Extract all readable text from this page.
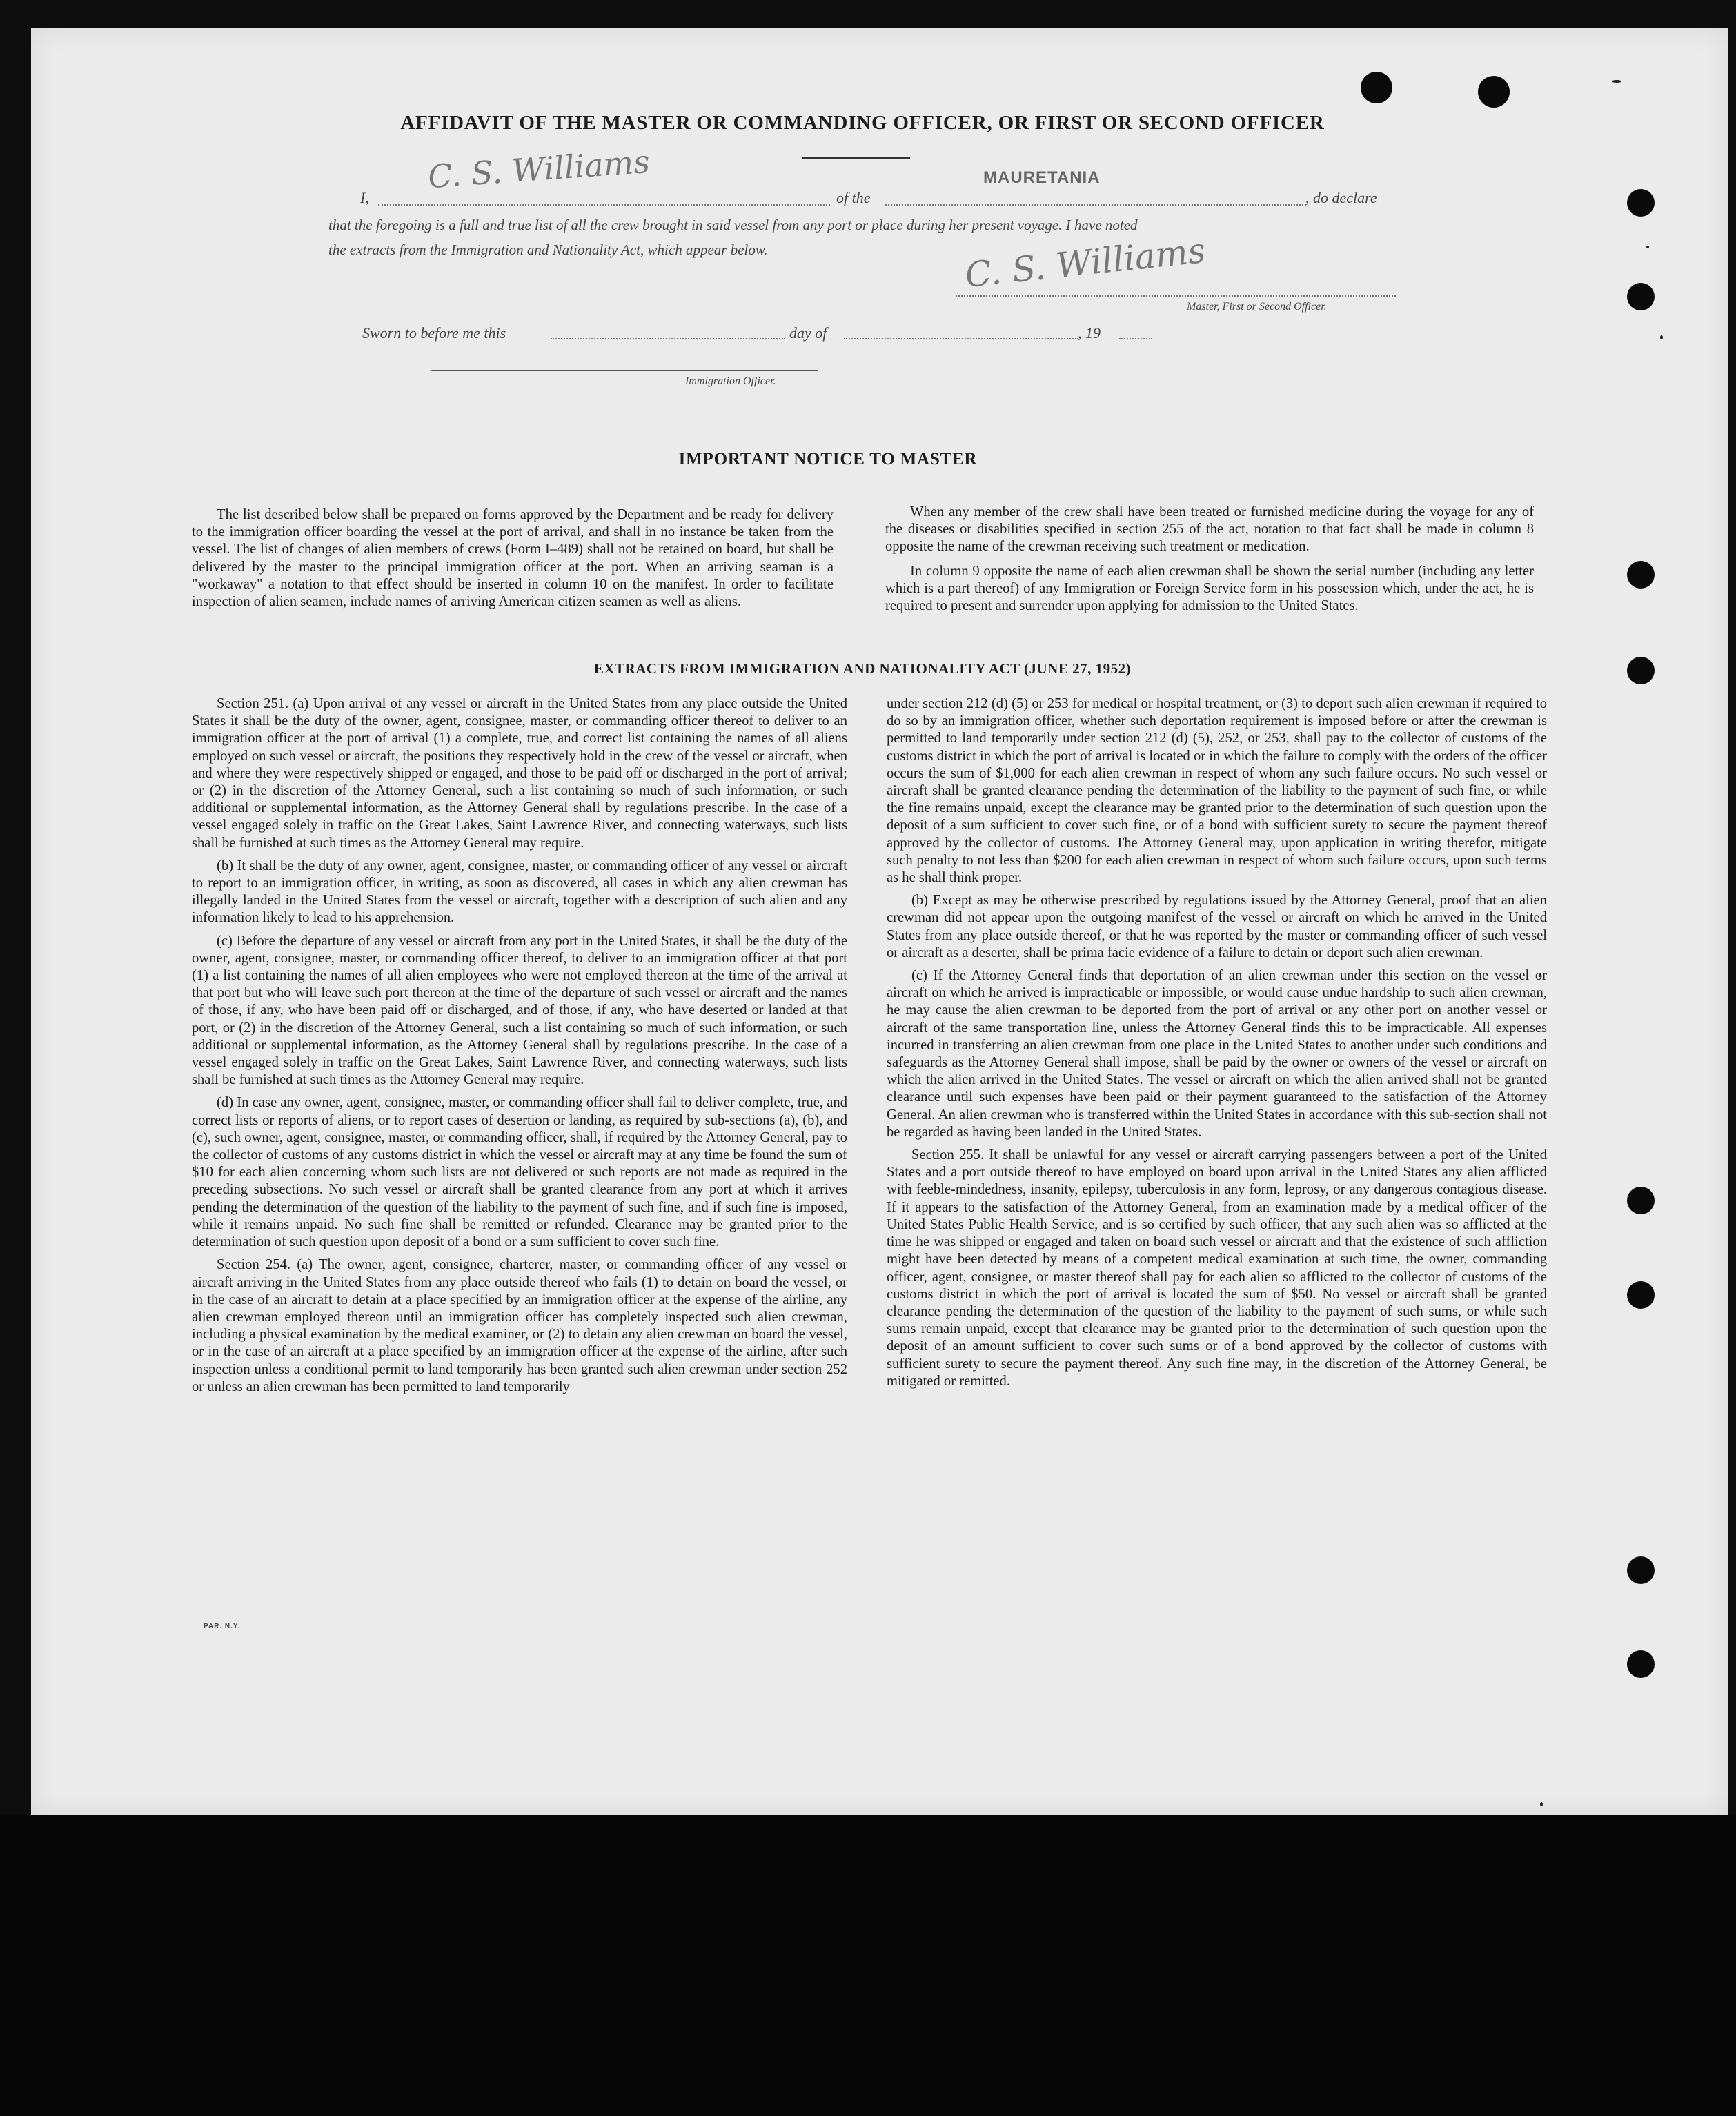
AFFIDAVIT OF THE MASTER OR COMMANDING OFFICER, OR FIRST OR SECOND OFFICER
I,
C. S. Williams
of the
MAURETANIA
, do declare
that the foregoing is a full and true list of all the crew brought in said vessel from any port or place during her present voyage. I have noted
the extracts from the Immigration and Nationality Act, which appear below.	C. S. Williams
Master, First or Second Officer.
Sworn to before me this	day of	, 19
Immigration Officer.
IMPORTANT NOTICE TO MASTER

The list described below shall be prepared on forms approved by the Department and be ready for delivery to the immigration officer boarding the vessel at the port of arrival, and shall in no instance be taken from the vessel. The list of changes of alien members of crews (Form I–489) shall not be retained on board, but shall be delivered by the master to the principal immigration officer at the port. When an arriving seaman is a "workaway" a notation to that effect should be inserted in column 10 on the manifest. In order to facilitate inspection of alien seamen, include names of arriving American citizen seamen as well as aliens.

When any member of the crew shall have been treated or furnished medicine during the voyage for any of the diseases or disabilities specified in section 255 of the act, notation to that fact shall be made in column 8 opposite the name of the crewman receiving such treatment or medication.

In column 9 opposite the name of each alien crewman shall be shown the serial number (including any letter which is a part thereof) of any Immigration or Foreign Service form in his possession which, under the act, he is required to present and surrender upon applying for admission to the United States.

EXTRACTS FROM IMMIGRATION AND NATIONALITY ACT (JUNE 27, 1952)

Section 251. (a) Upon arrival of any vessel or aircraft in the United States from any place outside the United States it shall be the duty of the owner, agent, consignee, master, or commanding officer thereof to deliver to an immigration officer at the port of arrival (1) a complete, true, and correct list containing the names of all aliens employed on such vessel or aircraft, the positions they respectively hold in the crew of the vessel or aircraft, when and where they were respectively shipped or engaged, and those to be paid off or discharged in the port of arrival; or (2) in the discretion of the Attorney General, such a list containing so much of such information, or such additional or supplemental information, as the Attorney General shall by regulations prescribe. In the case of a vessel engaged solely in traffic on the Great Lakes, Saint Lawrence River, and connecting waterways, such lists shall be furnished at such times as the Attorney General may require.

(b) It shall be the duty of any owner, agent, consignee, master, or commanding officer of any vessel or aircraft to report to an immigration officer, in writing, as soon as discovered, all cases in which any alien crewman has illegally landed in the United States from the vessel or aircraft, together with a description of such alien and any information likely to lead to his apprehension.

(c) Before the departure of any vessel or aircraft from any port in the United States, it shall be the duty of the owner, agent, consignee, master, or commanding officer thereof, to deliver to an immigration officer at that port (1) a list containing the names of all alien employees who were not employed thereon at the time of the arrival at that port but who will leave such port thereon at the time of the departure of such vessel or aircraft and the names of those, if any, who have been paid off or discharged, and of those, if any, who have deserted or landed at that port, or (2) in the discretion of the Attorney General, such a list containing so much of such information, or such additional or supplemental information, as the Attorney General shall by regulations prescribe. In the case of a vessel engaged solely in traffic on the Great Lakes, Saint Lawrence River, and connecting waterways, such lists shall be furnished at such times as the Attorney General may require.

(d) In case any owner, agent, consignee, master, or commanding officer shall fail to deliver complete, true, and correct lists or reports of aliens, or to report cases of desertion or landing, as required by sub-sections (a), (b), and (c), such owner, agent, consignee, master, or commanding officer, shall, if required by the Attorney General, pay to the collector of customs of any customs district in which the vessel or aircraft may at any time be found the sum of $10 for each alien concerning whom such lists are not delivered or such reports are not made as required in the preceding subsections. No such vessel or aircraft shall be granted clearance from any port at which it arrives pending the determination of the question of the liability to the payment of such fine, and if such fine is imposed, while it remains unpaid. No such fine shall be remitted or refunded. Clearance may be granted prior to the determination of such question upon deposit of a bond or a sum sufficient to cover such fine.

Section 254. (a) The owner, agent, consignee, charterer, master, or commanding officer of any vessel or aircraft arriving in the United States from any place outside thereof who fails (1) to detain on board the vessel, or in the case of an aircraft to detain at a place specified by an immigration officer at the expense of the airline, any alien crewman employed thereon until an immigration officer has completely inspected such alien crewman, including a physical examination by the medical examiner, or (2) to detain any alien crewman on board the vessel, or in the case of an aircraft at a place specified by an immigration officer at the expense of the airline, after such inspection unless a conditional permit to land temporarily has been granted such alien crewman under section 252 or unless an alien crewman has been permitted to land temporarily

under section 212 (d) (5) or 253 for medical or hospital treatment, or (3) to deport such alien crewman if required to do so by an immigration officer, whether such deportation requirement is imposed before or after the crewman is permitted to land temporarily under section 212 (d) (5), 252, or 253, shall pay to the collector of customs of the customs district in which the port of arrival is located or in which the failure to comply with the orders of the officer occurs the sum of $1,000 for each alien crewman in respect of whom any such failure occurs. No such vessel or aircraft shall be granted clearance pending the determination of the liability to the payment of such fine, or while the fine remains unpaid, except the clearance may be granted prior to the determination of such question upon the deposit of a sum sufficient to cover such fine, or of a bond with sufficient surety to secure the payment thereof approved by the collector of customs. The Attorney General may, upon application in writing therefor, mitigate such penalty to not less than $200 for each alien crewman in respect of whom such failure occurs, upon such terms as he shall think proper.

(b) Except as may be otherwise prescribed by regulations issued by the Attorney General, proof that an alien crewman did not appear upon the outgoing manifest of the vessel or aircraft on which he arrived in the United States from any place outside thereof, or that he was reported by the master or commanding officer of such vessel or aircraft as a deserter, shall be prima facie evidence of a failure to detain or deport such alien crewman.

(c) If the Attorney General finds that deportation of an alien crewman under this section on the vessel or aircraft on which he arrived is impracticable or impossible, or would cause undue hardship to such alien crewman, he may cause the alien crewman to be deported from the port of arrival or any other port on another vessel or aircraft of the same transportation line, unless the Attorney General finds this to be impracticable. All expenses incurred in transferring an alien crewman from one place in the United States to another under such conditions and safeguards as the Attorney General shall impose, shall be paid by the owner or owners of the vessel or aircraft on which the alien arrived in the United States. The vessel or aircraft on which the alien arrived shall not be granted clearance until such expenses have been paid or their payment guaranteed to the satisfaction of the Attorney General. An alien crewman who is transferred within the United States in accordance with this sub-section shall not be regarded as having been landed in the United States.

Section 255. It shall be unlawful for any vessel or aircraft carrying passengers between a port of the United States and a port outside thereof to have employed on board upon arrival in the United States any alien afflicted with feeble-mindedness, insanity, epilepsy, tuberculosis in any form, leprosy, or any dangerous contagious disease. If it appears to the satisfaction of the Attorney General, from an examination made by a medical officer of the United States Public Health Service, and is so certified by such officer, that any such alien was so afflicted at the time he was shipped or engaged and taken on board such vessel or aircraft and that the existence of such affliction might have been detected by means of a competent medical examination at such time, the owner, commanding officer, agent, consignee, or master thereof shall pay for each alien so afflicted to the collector of customs of the customs district in which the port of arrival is located the sum of $50. No vessel or aircraft shall be granted clearance pending the determination of the question of the liability to the payment of such sums, or while such sums remain unpaid, except that clearance may be granted prior to the determination of such question upon the deposit of an amount sufficient to cover such sums or of a bond approved by the collector of customs with sufficient surety to secure the payment thereof. Any such fine may, in the discretion of the Attorney General, be mitigated or remitted.

PAR. N.Y.
